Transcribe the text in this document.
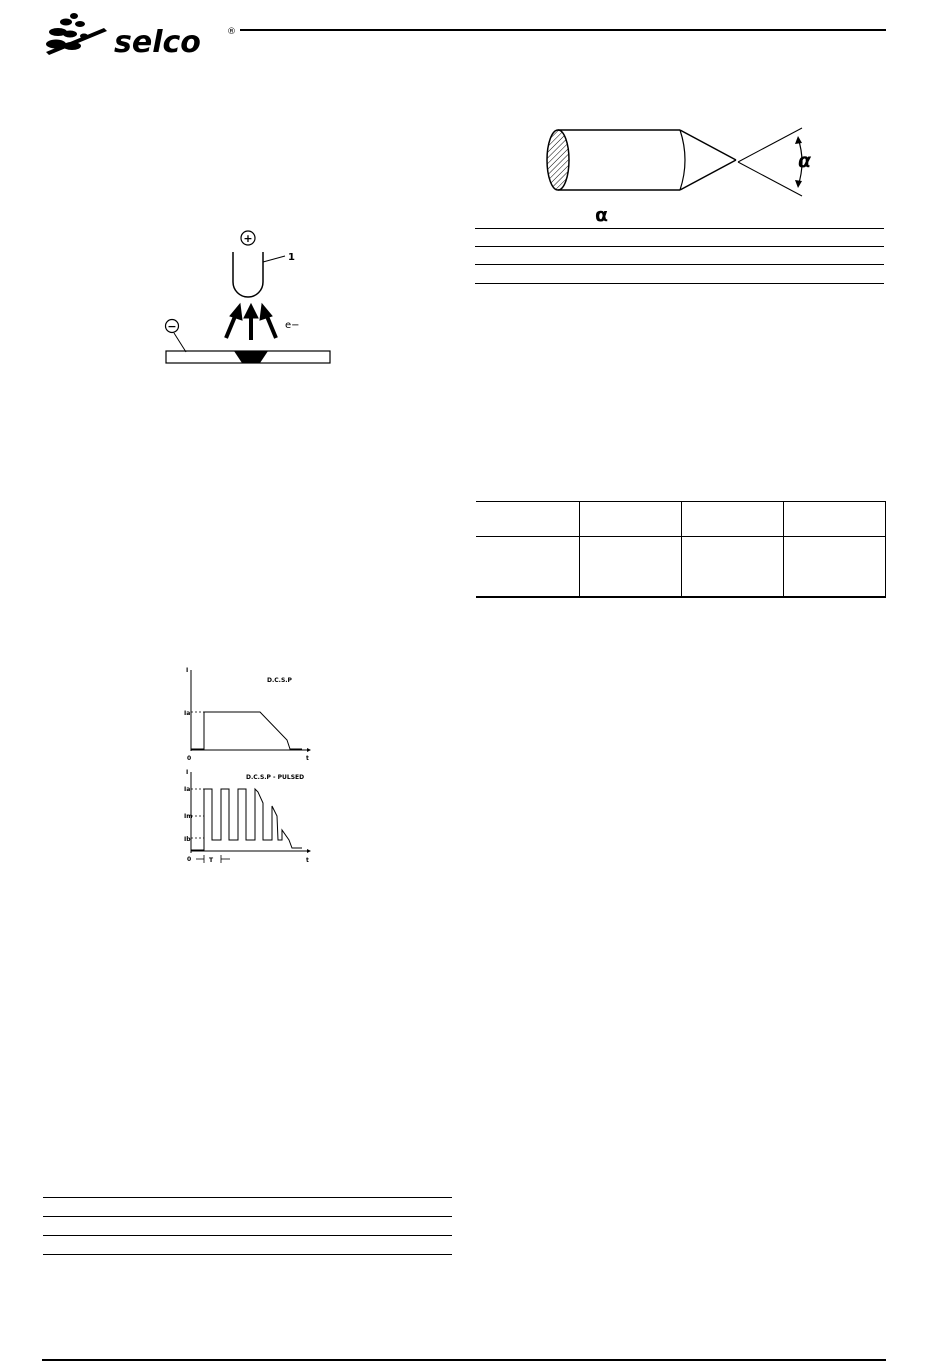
selco	®
+
1
e−
−
α
α
I
D.C.S.P
Ia
0	t
I
D.C.S.P - PULSED
Ia
Im
Ib
0	T	t
